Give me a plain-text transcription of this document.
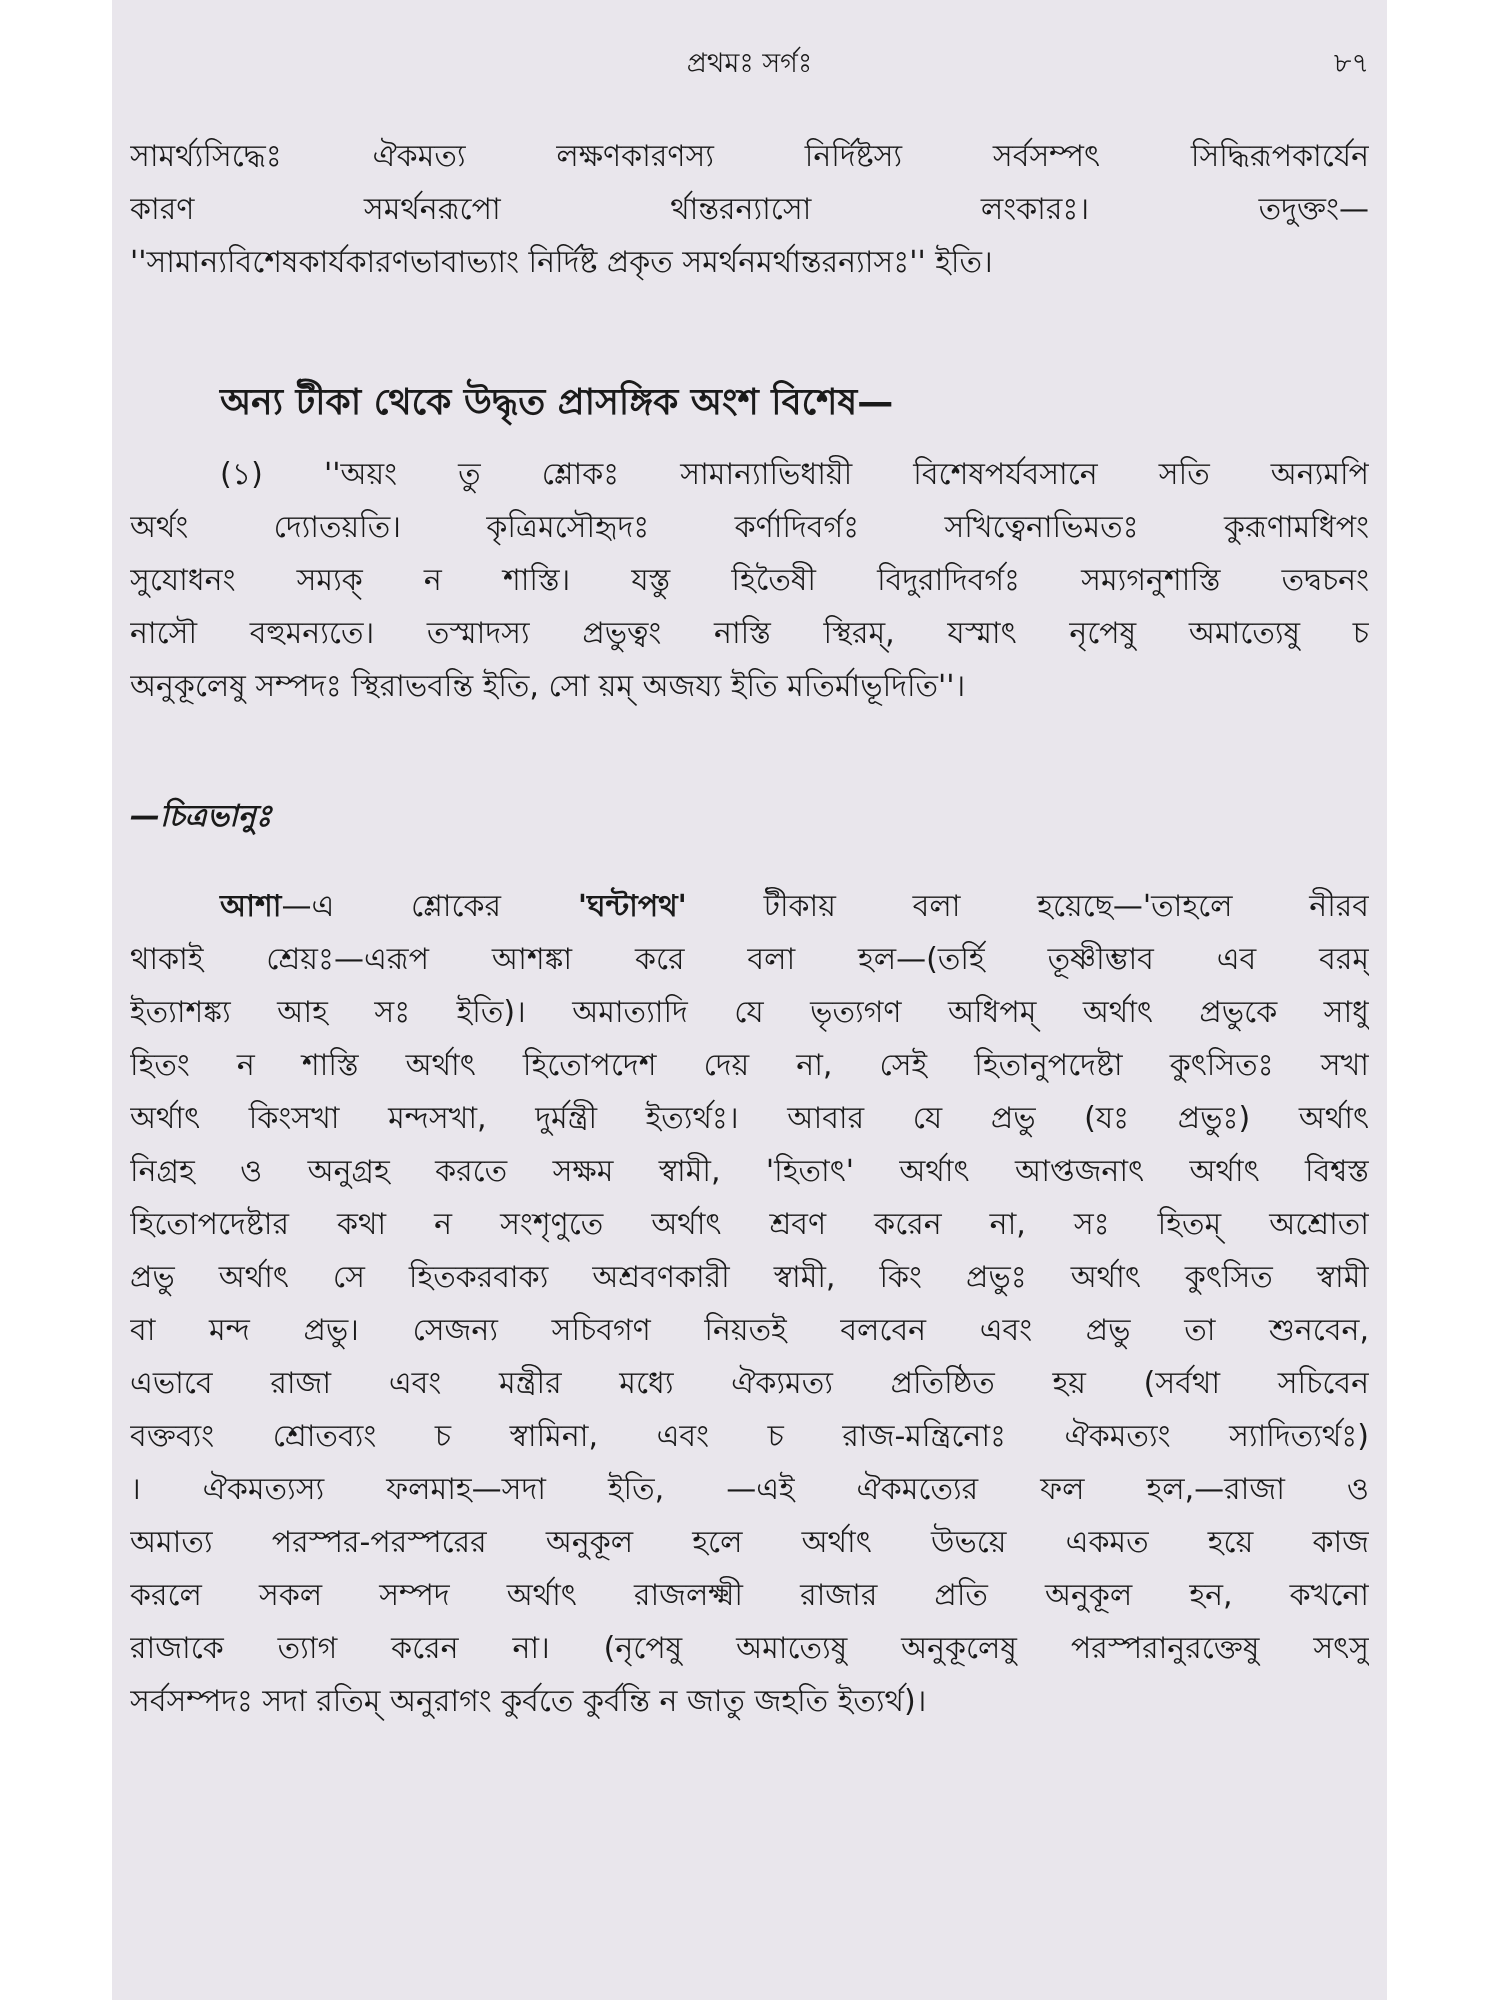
প্রথমঃ সর্গঃ	৮৭
সামর্থ্যসিদ্ধেঃ ঐকমত্য লক্ষণকারণস্য নির্দিষ্টস্য সর্বসম্পৎ সিদ্ধিরূপকার্যেন
কারণ সমর্থনরূপো র্থান্তরন্যাসো লংকারঃ। তদুক্তং—
''সামান্যবিশেষকার্যকারণভাবাভ্যাং নির্দিষ্ট প্রকৃত সমর্থনমর্থান্তরন্যাসঃ'' ইতি।
অন্য টীকা থেকে উদ্ধৃত প্রাসঙ্গিক অংশ বিশেষ—
(১) ''অয়ং তু শ্লোকঃ সামান্যাভিধায়ী বিশেষপর্যবসানে সতি অন্যমপি
অর্থং দ্যোতয়তি। কৃত্রিমসৌহৃদঃ কর্ণাদিবর্গঃ সখিত্বেনাভিমতঃ কুরূণামধিপং
সুযোধনং সম্যক্ ন শাস্তি। যস্তু হিতৈষী বিদুরাদিবর্গঃ সম্যগনুশাস্তি তদ্বচনং
নাসৌ বহুমন্যতে। তস্মাদস্য প্রভুত্বং নাস্তি স্থিরম্, যস্মাৎ নৃপেষু অমাত্যেষু চ
অনুকূলেষু সম্পদঃ স্থিরাভবন্তি ইতি, সো য়ম্ অজয্য ইতি মতির্মাভূদিতি''।
—চিত্রভানুঃ
আশা—এ শ্লোকের 'ঘন্টাপথ' টীকায় বলা হয়েছে—'তাহলে নীরব
থাকাই শ্রেয়ঃ—এরূপ আশঙ্কা করে বলা হল—(তর্হি তূষ্ণীম্ভাব এব বরম্
ইত্যাশঙ্ক্য আহ সঃ ইতি)। অমাত্যাদি যে ভৃত্যগণ অধিপম্ অর্থাৎ প্রভুকে সাধু
হিতং ন শাস্তি অর্থাৎ হিতোপদেশ দেয় না, সেই হিতানুপদেষ্টা কুৎসিতঃ সখা
অর্থাৎ কিংসখা মন্দসখা, দুর্মন্ত্রী ইত্যর্থঃ। আবার যে প্রভু (যঃ প্রভুঃ) অর্থাৎ
নিগ্রহ ও অনুগ্রহ করতে সক্ষম স্বামী, 'হিতাৎ' অর্থাৎ আপ্তজনাৎ অর্থাৎ বিশ্বস্ত
হিতোপদেষ্টার কথা ন সংশৃণুতে অর্থাৎ শ্রবণ করেন না, সঃ হিতম্ অশ্রোতা
প্রভু অর্থাৎ সে হিতকরবাক্য অশ্রবণকারী স্বামী, কিং প্রভুঃ অর্থাৎ কুৎসিত স্বামী
বা মন্দ প্রভু। সেজন্য সচিবগণ নিয়তই বলবেন এবং প্রভু তা শুনবেন,
এভাবে রাজা এবং মন্ত্রীর মধ্যে ঐক্যমত্য প্রতিষ্ঠিত হয় (সর্বথা সচিবেন
বক্তব্যং শ্রোতব্যং চ স্বামিনা, এবং চ রাজ-মন্ত্রিনোঃ ঐকমত্যং স্যাদিত্যর্থঃ)
। ঐকমত্যস্য ফলমাহ—সদা ইতি, —এই ঐকমত্যের ফল হল,—রাজা ও
অমাত্য পরস্পর-পরস্পরের অনুকূল হলে অর্থাৎ উভয়ে একমত হয়ে কাজ
করলে সকল সম্পদ অর্থাৎ রাজলক্ষ্মী রাজার প্রতি অনুকূল হন, কখনো
রাজাকে ত্যাগ করেন না। (নৃপেষু অমাত্যেষু অনুকূলেষু পরস্পরানুরক্তেষু সৎসু
সর্বসম্পদঃ সদা রতিম্ অনুরাগং কুর্বতে কুর্বন্তি ন জাতু জহতি ইত্যর্থ)।
